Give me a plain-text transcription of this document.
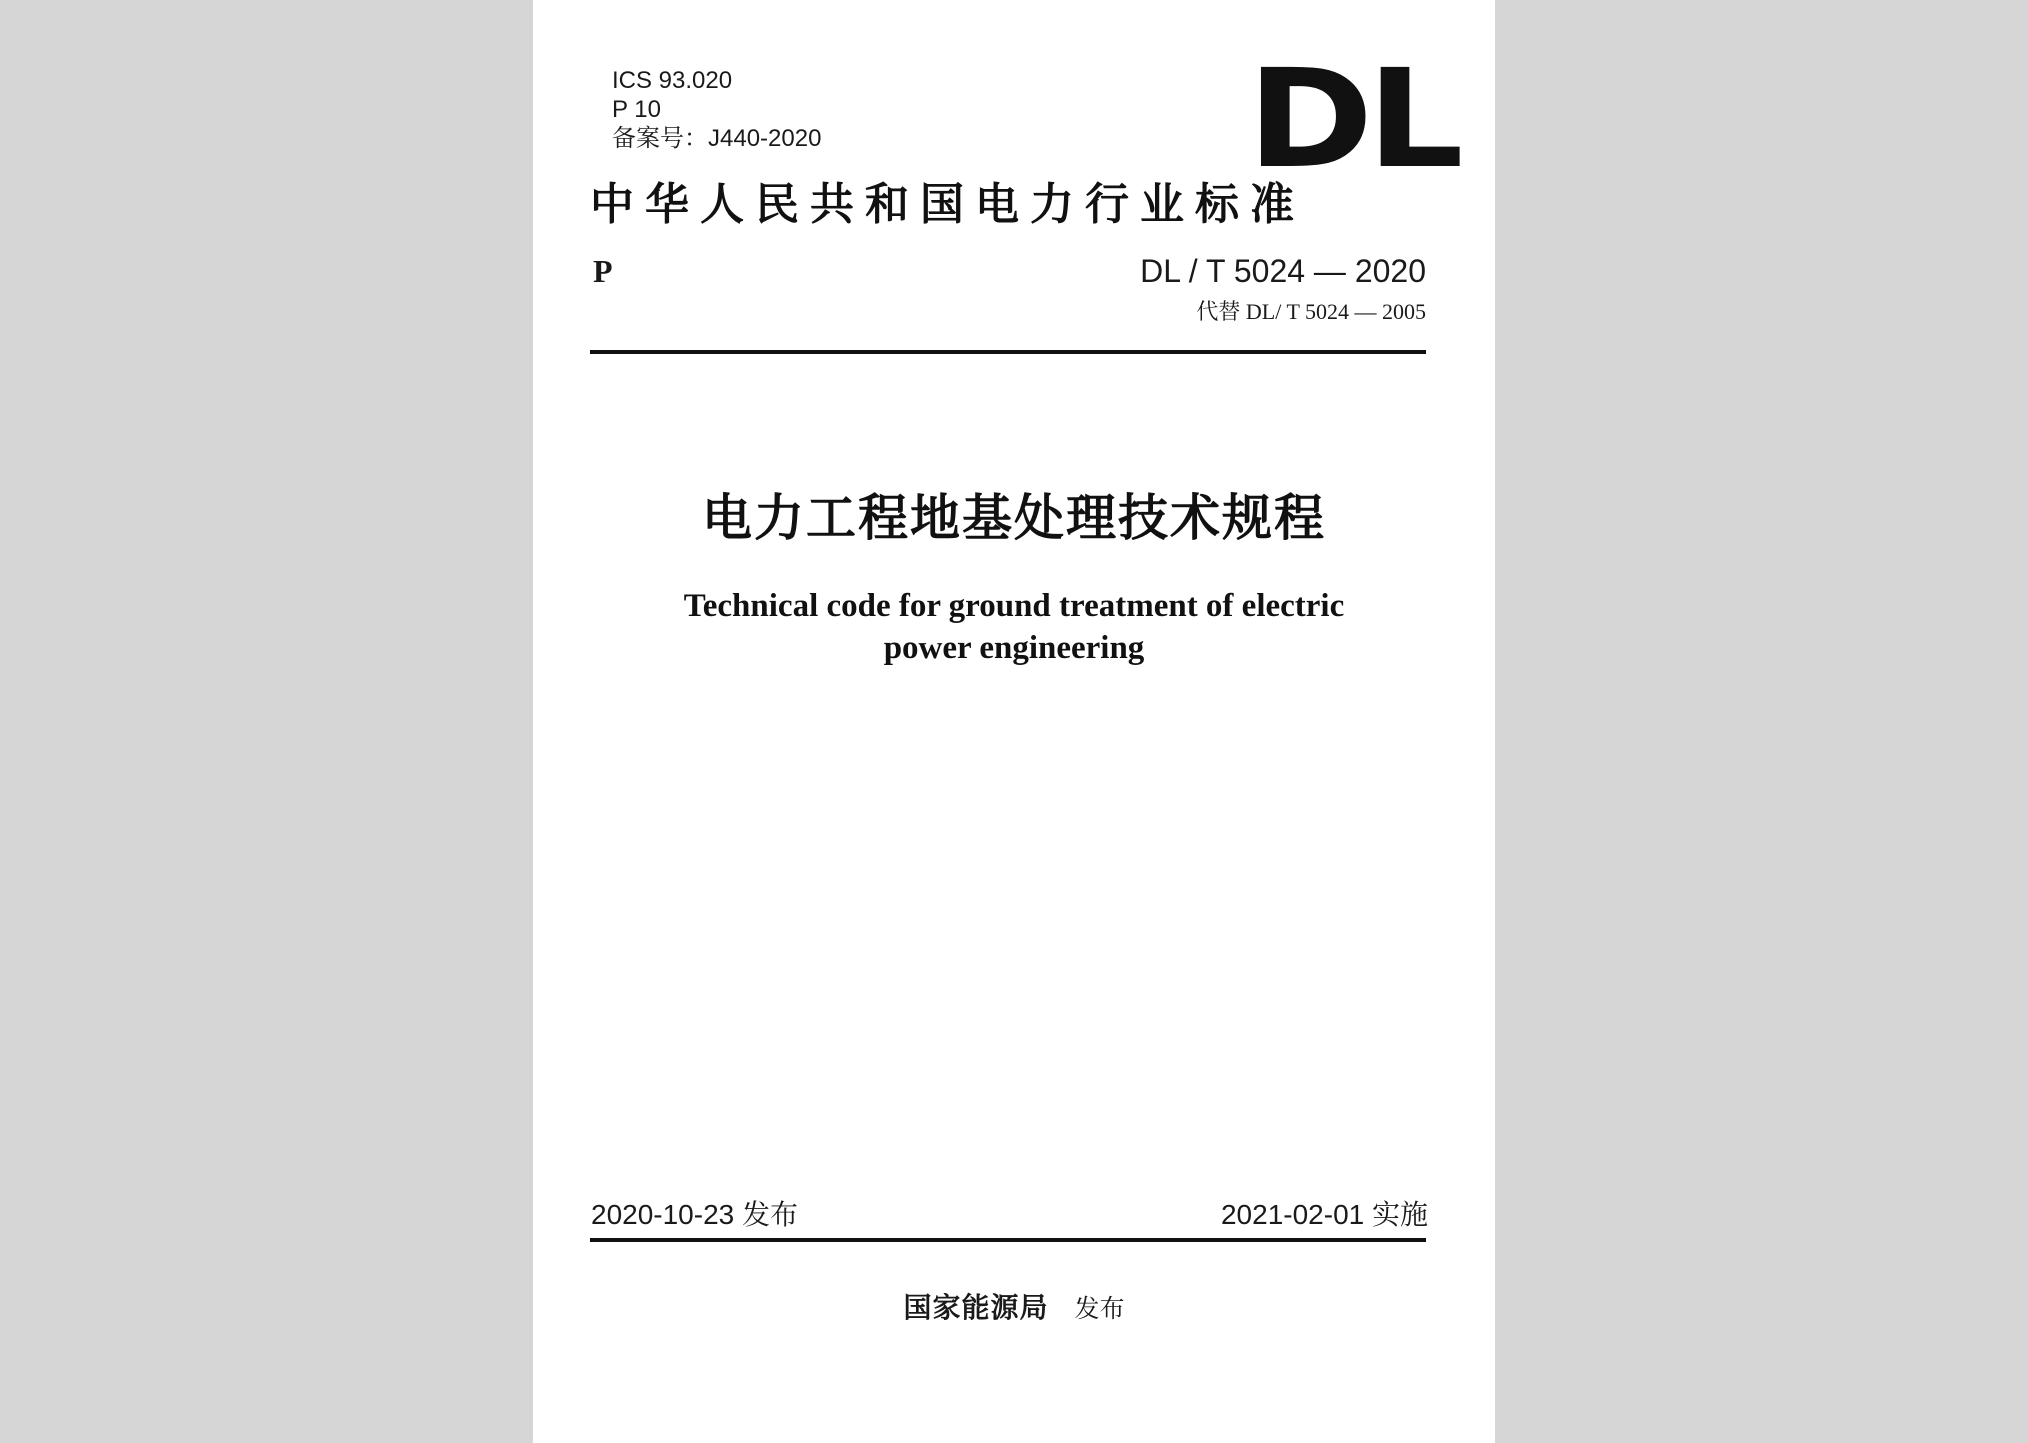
ICS 93.020
P 10
备案号：J440-2020	DL
中华人民共和国电力行业标准
P	DL / T 5024 — 2020
代替 DL/ T 5024 — 2005
电力工程地基处理技术规程
Technical code for ground treatment of electric
power engineering
2020-10-23 发布	2021-02-01 实施
国家能源局 发布
